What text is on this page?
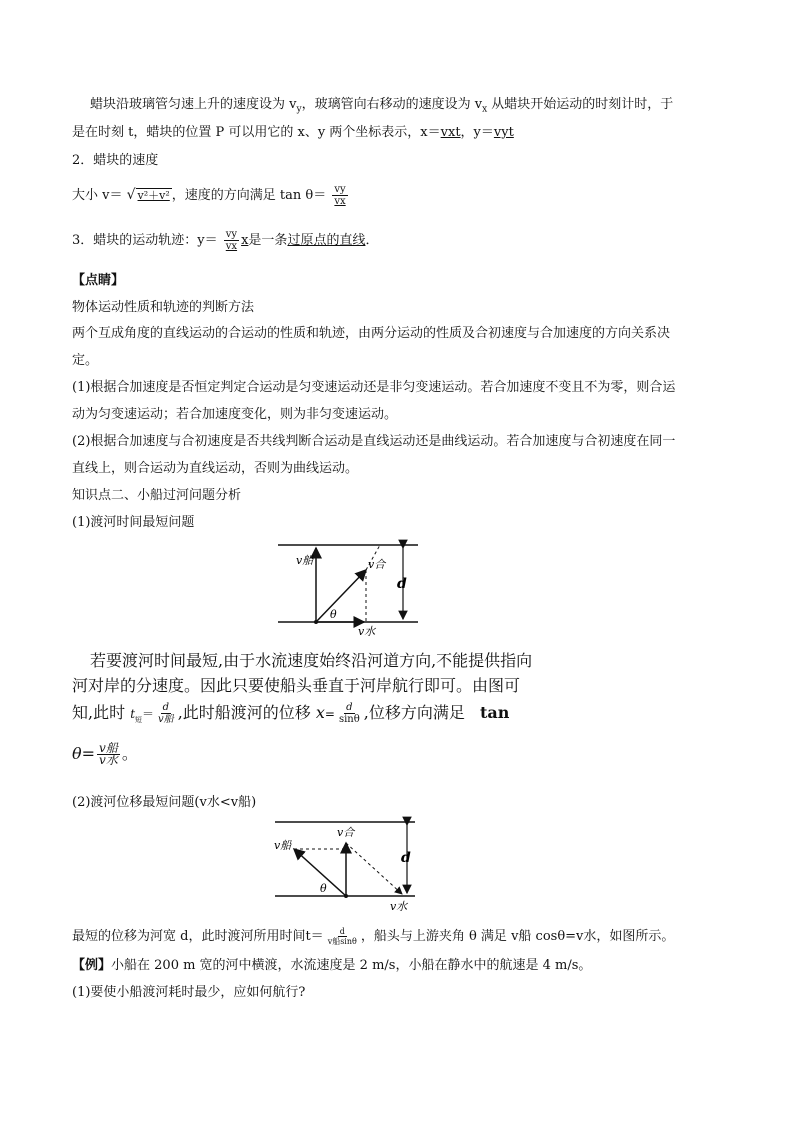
蜡块沿玻璃管匀速上升的速度设为 $v_y$，玻璃管向右移动的速度设为 $v_x$ 从蜡块开始运动的时刻计时，于
是在时刻 t，蜡块的位置 P 可以用它的 x、y 两个坐标表示，x＝vxt，y＝vyt
2．蜡块的速度
大小 v＝ √ v²＋v² ，速度的方向满足 $\tan \theta= \frac{vy}{vx}$
3．蜡块的运动轨迹：$y= \frac{vy}{vx}$ x是一条过原点的直线．
【点睛】
物体运动性质和轨迹的判断方法
两个互成角度的直线运动的合运动的性质和轨迹，由两分运动的性质及合初速度与合加速度的方向关系决
定。
(1)根据合加速度是否恒定判定合运动是匀变速运动还是非匀变速运动。若合加速度不变且不为零，则合运
动为匀变速运动；若合加速度变化，则为非匀变速运动。
(2)根据合加速度与合初速度是否共线判断合运动是直线运动还是曲线运动。若合加速度与合初速度在同一
直线上，则合运动为直线运动，否则为曲线运动。
知识点二、小船过河问题分析
(1)渡河时间最短问题
v船	v合
v水
d
θ
若要渡河时间最短,由于水流速度始终沿河道方向,不能提供指向
河对岸的分速度。因此只要使船头垂直于河岸航行即可。由图可
知,此时 $t_短= \frac{d}{\text{v船}}$ ,此时船渡河的位移 $x= \frac{d}{\sin\theta}$ ,位移方向满足 tan
$\theta= \frac{\text{v船}}{\text{v水}}$ 。
(2)渡河位移最短问题(v水<v船)
v船
v合
v水
d
θ
最短的位移为河宽 d，此时渡河所用时间$t= \frac{d}{\text{v船sinθ}}$ ，船头与上游夹角 θ 满足 v船 cosθ=v水，如图所示。
【例】小船在 200 m 宽的河中横渡，水流速度是 2 m/s，小船在静水中的航速是 4 m/s。
(1)要使小船渡河耗时最少，应如何航行?
